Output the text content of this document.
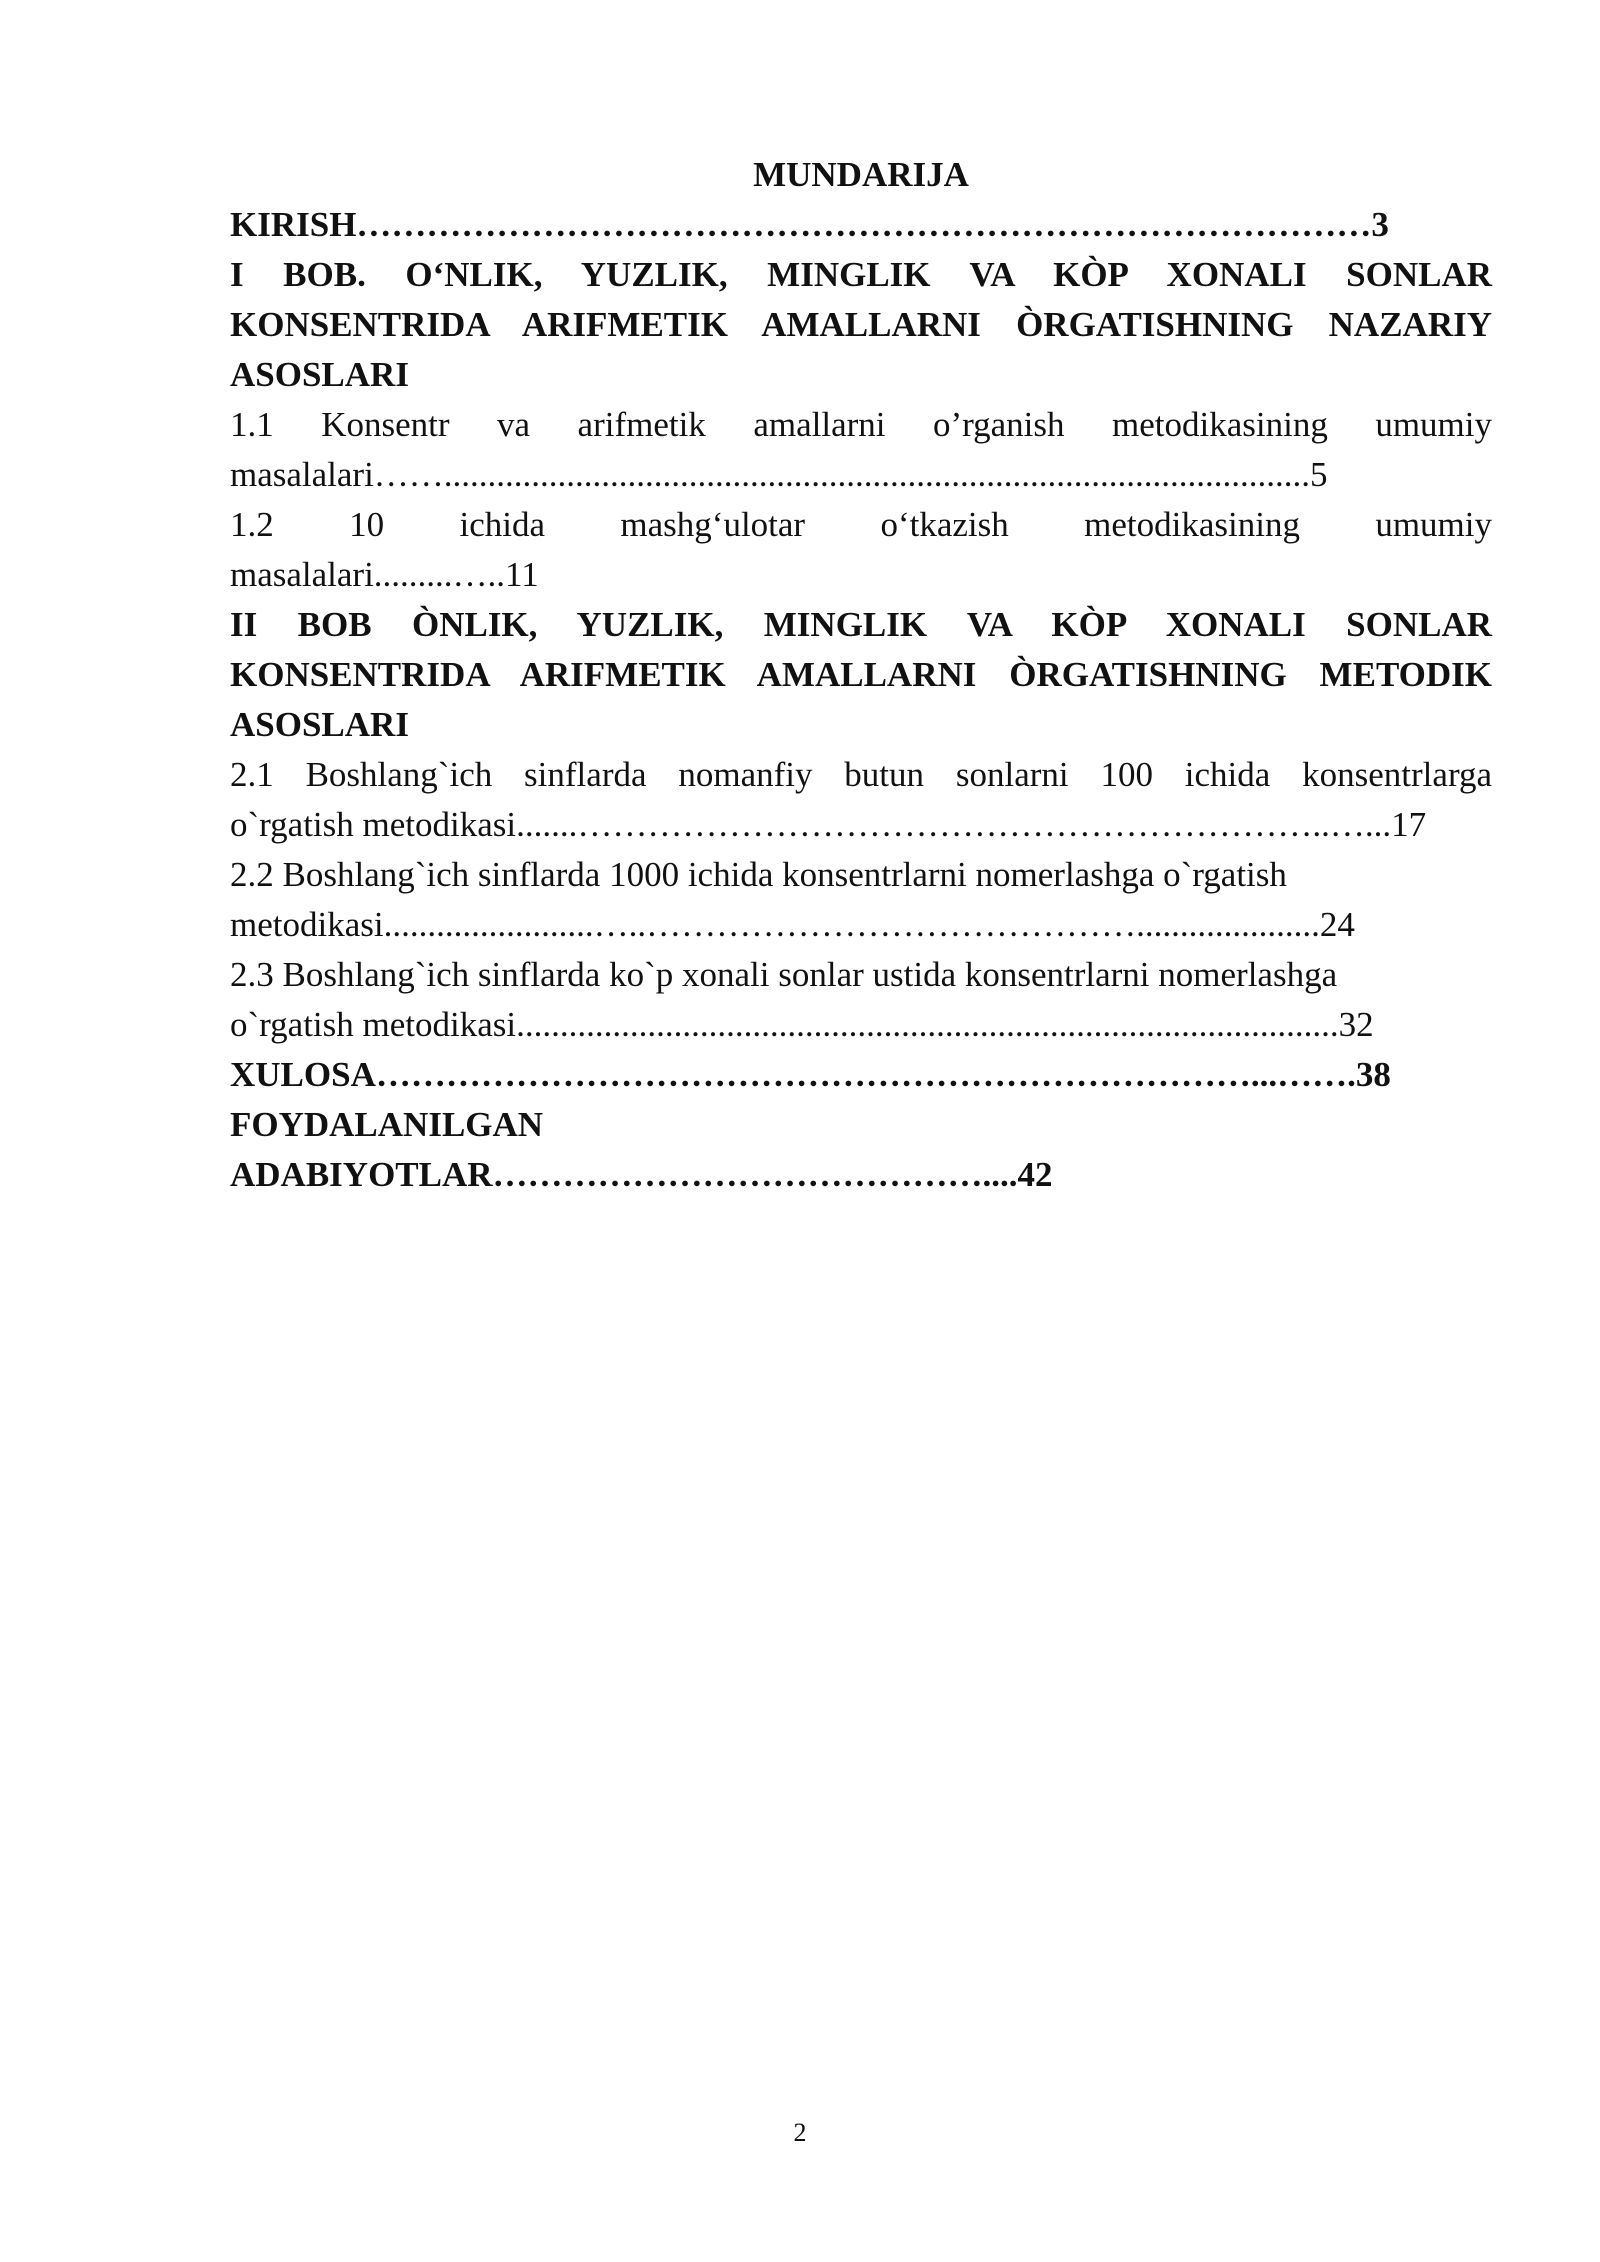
MUNDARIJA
KIRISH……………………………………………………………………………3
I BOB. O‘NLIK, YUZLIK, MINGLIK VA KÒP XONALI SONLAR
KONSENTRIDA ARIFMETIK AMALLARNI ÒRGATISHNING NAZARIY
ASOSLARI
1.1 Konsentr va arifmetik amallarni o’rganish metodikasining umumiy
masalalari……...................................................................................................5
1.2 10 ichida mashg‘ulotar o‘tkazish metodikasining umumiy
masalalari.........…..11
II BOB ÒNLIK, YUZLIK, MINGLIK VA KÒP XONALI SONLAR
KONSENTRIDA ARIFMETIK AMALLARNI ÒRGATISHNING METODIK
ASOSLARI
2.1 Boshlang`ich sinflarda nomanfiy butun sonlarni 100 ichida konsentrlarga
o`rgatish metodikasi.......………………………………………………………..…...17
2.2 Boshlang`ich sinflarda 1000 ichida konsentrlarni nomerlashga o`rgatish
metodikasi........................…..…………………………………….....................24
2.3 Boshlang`ich sinflarda ko`p xonali sonlar ustida konsentrlarni nomerlashga
o`rgatish metodikasi..............................................................................................32
XULOSA…………………………………………………………………...…….38
FOYDALANILGAN
ADABIYOTLAR……………………………………....42
2
